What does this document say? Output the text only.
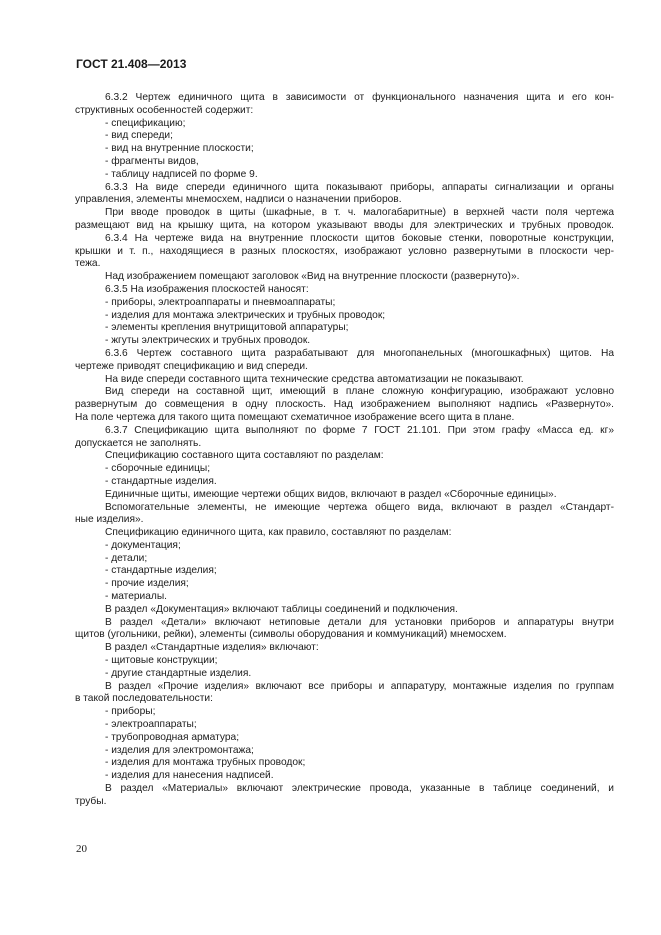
ГОСТ 21.408—2013
6.3.2 Чертеж единичного щита в зависимости от функционального назначения щита и его кон-
структивных особенностей содержит:
- спецификацию;
- вид спереди;
- вид на внутренние плоскости;
- фрагменты видов,
- таблицу надписей по форме 9.
6.3.3 На виде спереди единичного щита показывают приборы, аппараты сигнализации и органы
управления, элементы мнемосхем, надписи о назначении приборов.
При вводе проводок в щиты (шкафные, в т. ч. малогабаритные) в верхней части поля чертежа
размещают вид на крышку щита, на котором указывают вводы для электрических и трубных проводок.
6.3.4 На чертеже вида на внутренние плоскости щитов боковые стенки, поворотные конструкции,
крышки и т. п., находящиеся в разных плоскостях, изображают условно развернутыми в плоскости чер-
тежа.
Над изображением помещают заголовок «Вид на внутренние плоскости (развернуто)».
6.3.5 На изображения плоскостей наносят:
- приборы, электроаппараты и пневмоаппараты;
- изделия для монтажа электрических и трубных проводок;
- элементы крепления внутрищитовой аппаратуры;
- жгуты электрических и трубных проводок.
6.3.6 Чертеж составного щита разрабатывают для многопанельных (многошкафных) щитов. На
чертеже приводят спецификацию и вид спереди.
На виде спереди составного щита технические средства автоматизации не показывают.
Вид спереди на составной щит, имеющий в плане сложную конфигурацию, изображают условно
развернутым до совмещения в одну плоскость. Над изображением выполняют надпись «Развернуто».
На поле чертежа для такого щита помещают схематичное изображение всего щита в плане.
6.3.7 Спецификацию щита выполняют по форме 7 ГОСТ 21.101. При этом графу «Масса ед. кг»
допускается не заполнять.
Спецификацию составного щита составляют по разделам:
- сборочные единицы;
- стандартные изделия.
Единичные щиты, имеющие чертежи общих видов, включают в раздел «Сборочные единицы».
Вспомогательные элементы, не имеющие чертежа общего вида, включают в раздел «Стандарт-
ные изделия».
Спецификацию единичного щита, как правило, составляют по разделам:
- документация;
- детали;
- стандартные изделия;
- прочие изделия;
- материалы.
В раздел «Документация» включают таблицы соединений и подключения.
В раздел «Детали» включают нетиповые детали для установки приборов и аппаратуры внутри
щитов (угольники, рейки), элементы (символы оборудования и коммуникаций) мнемосхем.
В раздел «Стандартные изделия» включают:
- щитовые конструкции;
- другие стандартные изделия.
В раздел «Прочие изделия» включают все приборы и аппаратуру, монтажные изделия по группам
в такой последовательности:
- приборы;
- электроаппараты;
- трубопроводная арматура;
- изделия для электромонтажа;
- изделия для монтажа трубных проводок;
- изделия для нанесения надписей.
В раздел «Материалы» включают электрические провода, указанные в таблице соединений, и
трубы.
20
